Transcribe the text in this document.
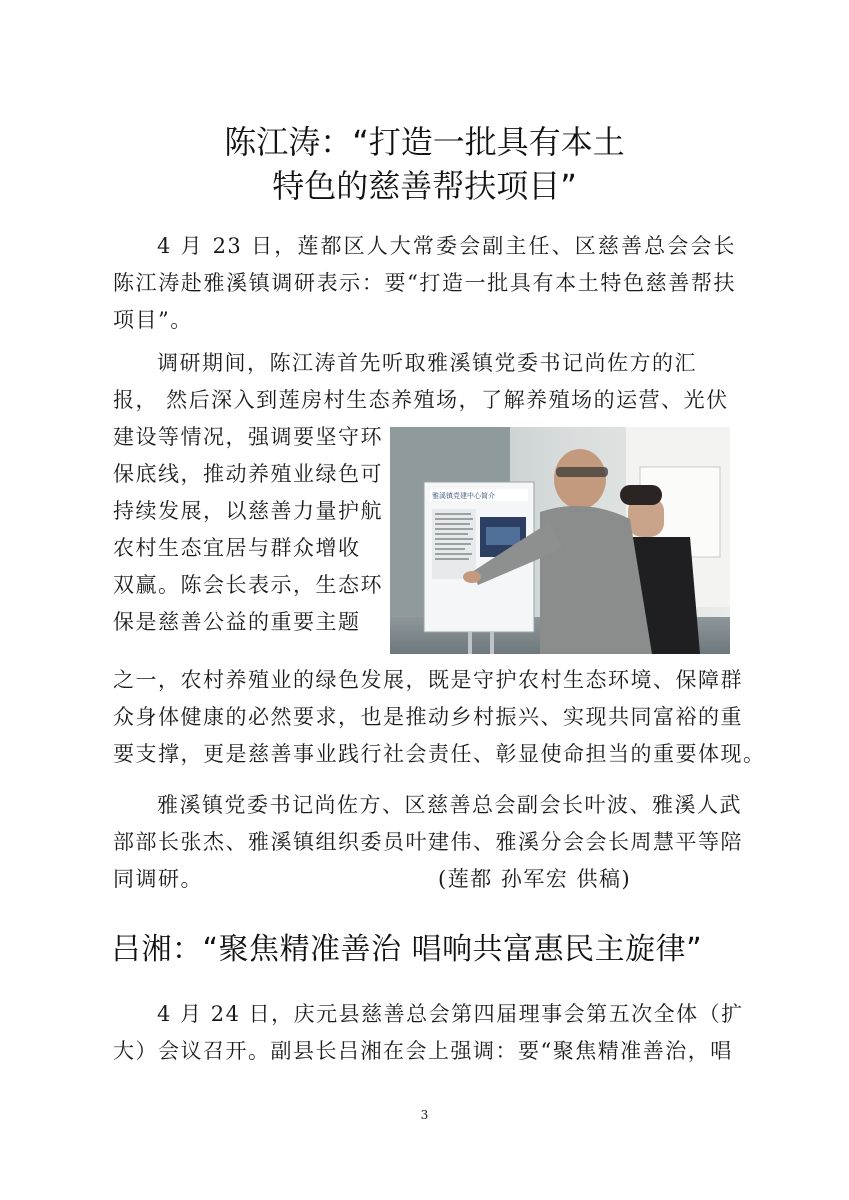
陈江涛：“打造一批具有本土
特色的慈善帮扶项目”

4 月 23 日，莲都区人大常委会副主任、区慈善总会会长陈江涛赴雅溪镇调研表示：要“打造一批具有本土特色慈善帮扶项目”。

调研期间，陈江涛首先听取雅溪镇党委书记尚佐方的汇
报， 然后深入到莲房村生态养殖场，了解养殖场的运营、光伏
建设等情况，强调要坚守环
保底线，推动养殖业绿色可
持续发展，以慈善力量护航
农村生态宜居与群众增收
双赢。陈会长表示，生态环
保是慈善公益的重要主题
雅溪镇党建中心简介
之一，农村养殖业的绿色发展，既是守护农村生态环境、保障群
众身体健康的必然要求，也是推动乡村振兴、实现共同富裕的重
要支撑，更是慈善事业践行社会责任、彰显使命担当的重要体现。
雅溪镇党委书记尚佐方、区慈善总会副会长叶波、雅溪人武
部部长张杰、雅溪镇组织委员叶建伟、雅溪分会会长周慧平等陪
同调研。	(莲都 孙军宏 供稿)
吕湘：“聚焦精准善治 唱响共富惠民主旋律”
4 月 24 日，庆元县慈善总会第四届理事会第五次全体（扩
大）会议召开。副县长吕湘在会上强调：要“聚焦精准善治，唱
3
